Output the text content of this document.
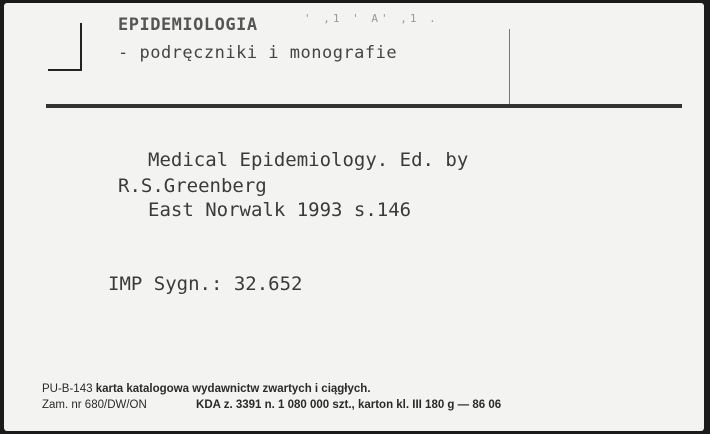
' ,1 ' A' ,1 .
EPIDEMIOLOGIA
- podręczniki i monografie
Medical Epidemiology. Ed. by
R.S.Greenberg
East Norwalk 1993 s.146
IMP Sygn.: 32.652
PU-B-143 karta katalogowa wydawnictw zwartych i ciągłych.
Zam. nr 680/DW/ON	KDA z. 3391 n. 1 080 000 szt., karton kl. III 180 g — 86 06
